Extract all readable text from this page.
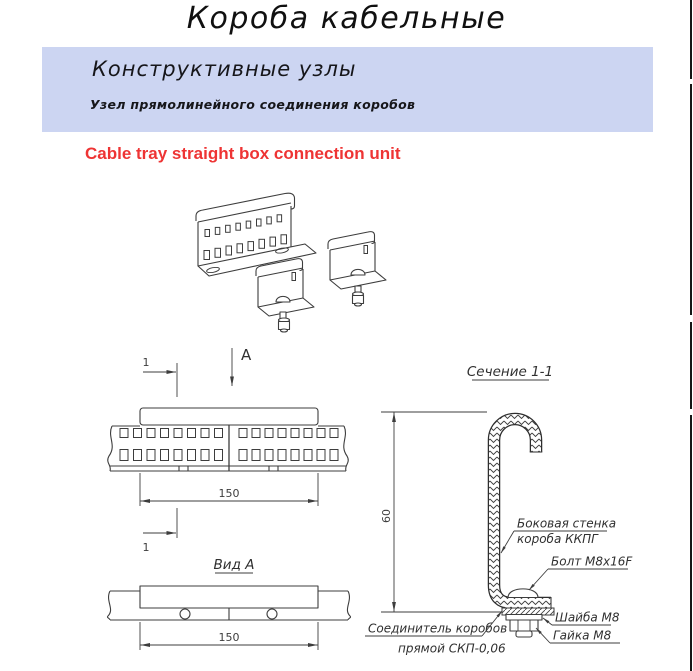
Короба кабельные
Конструктивные узлы
Узел прямолинейного соединения коробов
Cable tray straight box connection unit
1	А
150
1
Вид А
150
Сечение 1-1
60
Боковая стенка
короба ККПГ
Болт М8х16F
Шайба М8
Гайка М8
Соединитель коробов
прямой СКП-0,06
